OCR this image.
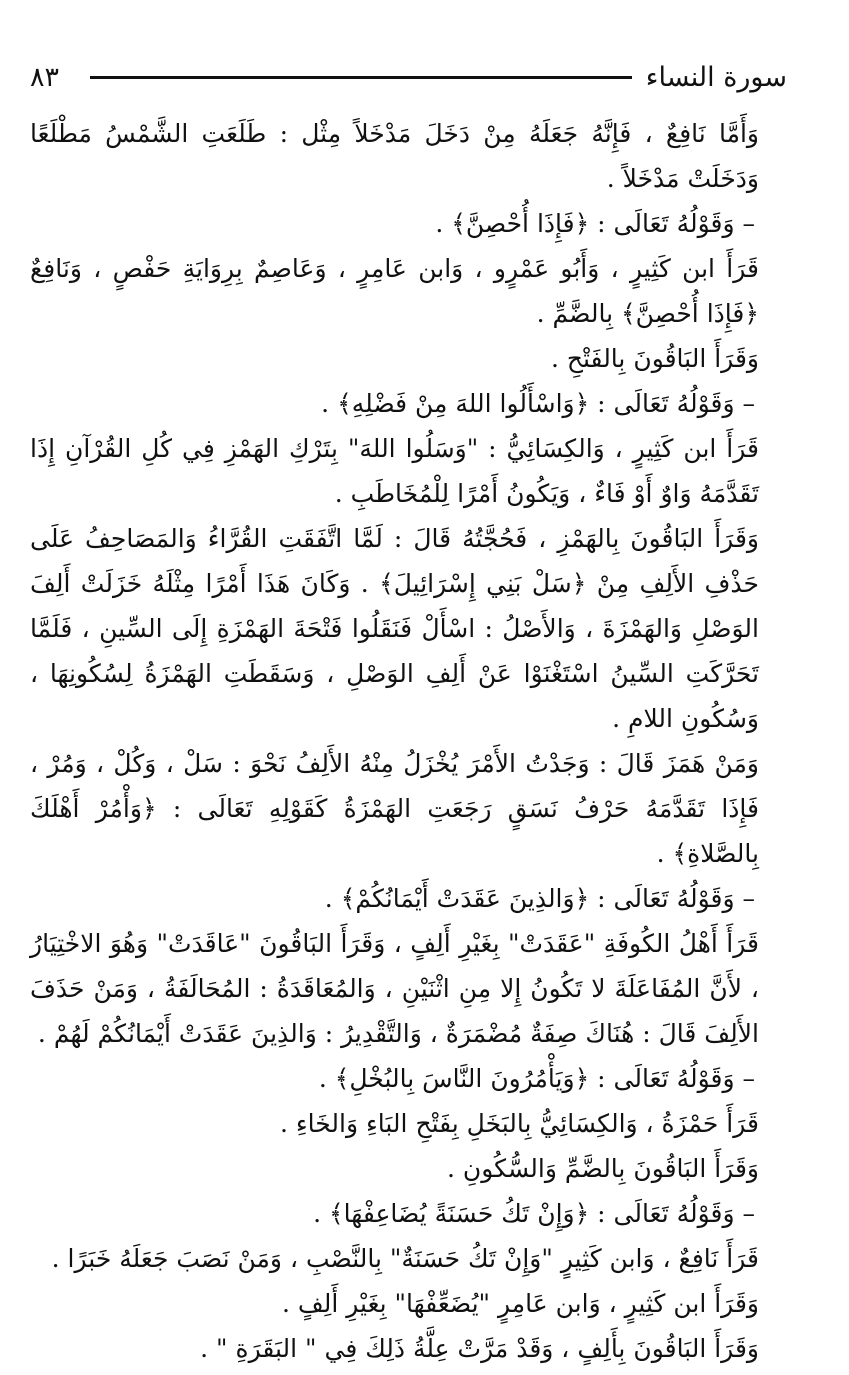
سورة النساء
٨٣

وَأَمَّا نَافِعٌ ، فَإِنَّهُ جَعَلَهُ مِنْ دَخَلَ مَدْخَلاً مِثْل : طَلَعَتِ الشَّمْسُ مَطْلَعًا وَدَخَلَتْ مَدْخَلاً .

– وَقَوْلُهُ تَعَالَى : ﴿فَإِذَا أُحْصِنَّ﴾ .

قَرَأَ ابن كَثِيرٍ ، وَأَبُو عَمْرٍو ، وَابن عَامِرٍ ، وَعَاصِمٌ بِرِوَايَةِ حَفْصٍ ، وَنَافِعٌ ﴿فَإِذَا أُحْصِنَّ﴾ بِالضَّمِّ .

وَقَرَأَ البَاقُونَ بِالفَتْحِ .

– وَقَوْلُهُ تَعَالَى : ﴿وَاسْأَلُوا اللهَ مِنْ فَضْلِهِ﴾ .

قَرَأَ ابن كَثِيرٍ ، وَالكِسَائِيُّ : "وَسَلُوا اللهَ" بِتَرْكِ الهَمْزِ فِي كُلِ القُرْآنِ إِذَا تَقَدَّمَهُ وَاوٌ أَوْ فَاءٌ ، وَيَكُونُ أَمْرًا لِلْمُخَاطَبِ .

وَقَرَأَ البَاقُونَ بِالهَمْزِ ، فَحُجَّتُهُ قَالَ : لَمَّا اتَّفَقَتِ القُرَّاءُ وَالمَصَاحِفُ عَلَى حَذْفِ الأَلِفِ مِنْ ﴿سَلْ بَنِي إِسْرَائِيلَ﴾ . وَكَانَ هَذَا أَمْرًا مِثْلَهُ خَزَلَتْ أَلِفَ الوَصْلِ وَالهَمْزَةَ ، وَالأَصْلُ : اسْأَلْ فَنَقَلُوا فَتْحَةَ الهَمْزَةِ إِلَى السِّينِ ، فَلَمَّا تَحَرَّكَتِ السِّينُ اسْتَغْنَوْا عَنْ أَلِفِ الوَصْلِ ، وَسَقَطَتِ الهَمْزَةُ لِسُكُونِهَا ، وَسُكُونِ اللامِ .

وَمَنْ هَمَزَ قَالَ : وَجَدْتُ الأَمْرَ يُخْزَلُ مِنْهُ الأَلِفُ نَحْوَ : سَلْ ، وَكُلْ ، وَمُرْ ، فَإِذَا تَقَدَّمَهُ حَرْفُ نَسَقٍ رَجَعَتِ الهَمْزَةُ كَقَوْلِهِ تَعَالَى : ﴿وَأْمُرْ أَهْلَكَ بِالصَّلاةِ﴾ .

– وَقَوْلُهُ تَعَالَى : ﴿وَالذِينَ عَقَدَتْ أَيْمَانُكُمْ﴾ .

قَرَأَ أَهْلُ الكُوفَةِ "عَقَدَتْ" بِغَيْرِ أَلِفٍ ، وَقَرَأَ البَاقُونَ "عَاقَدَتْ" وَهُوَ الاخْتِيَارُ ، لأَنَّ المُفَاعَلَةَ لا تَكُونُ إِلا مِنِ اثْنَيْنِ ، وَالمُعَاقَدَةُ : المُحَالَفَةُ ، وَمَنْ حَذَفَ الأَلِفَ قَالَ : هُنَاكَ صِفَةٌ مُضْمَرَةٌ ، وَالتَّقْدِيرُ : وَالذِينَ عَقَدَتْ أَيْمَانُكُمْ لَهُمْ .

– وَقَوْلُهُ تَعَالَى : ﴿وَيَأْمُرُونَ النَّاسَ بِالبُخْلِ﴾ .

قَرَأَ حَمْزَةُ ، وَالكِسَائِيُّ بِالبَخَلِ بِفَتْحِ البَاءِ وَالخَاءِ .

وَقَرَأَ البَاقُونَ بِالضَّمِّ وَالسُّكُونِ .

– وَقَوْلُهُ تَعَالَى : ﴿وَإِنْ تَكُ حَسَنَةً يُضَاعِفْهَا﴾ .

قَرَأَ نَافِعٌ ، وَابن كَثِيرٍ "وَإِنْ تَكُ حَسَنَةٌ" بِالنَّصْبِ ، وَمَنْ نَصَبَ جَعَلَهُ خَبَرًا .

وَقَرَأَ ابن كَثِيرٍ ، وَابن عَامِرٍ "يُضَعِّفْهَا" بِغَيْرِ أَلِفٍ .

وَقَرَأَ البَاقُونَ بِأَلِفٍ ، وَقَدْ مَرَّتْ عِلَّةُ ذَلِكَ فِي " البَقَرَةِ " .
